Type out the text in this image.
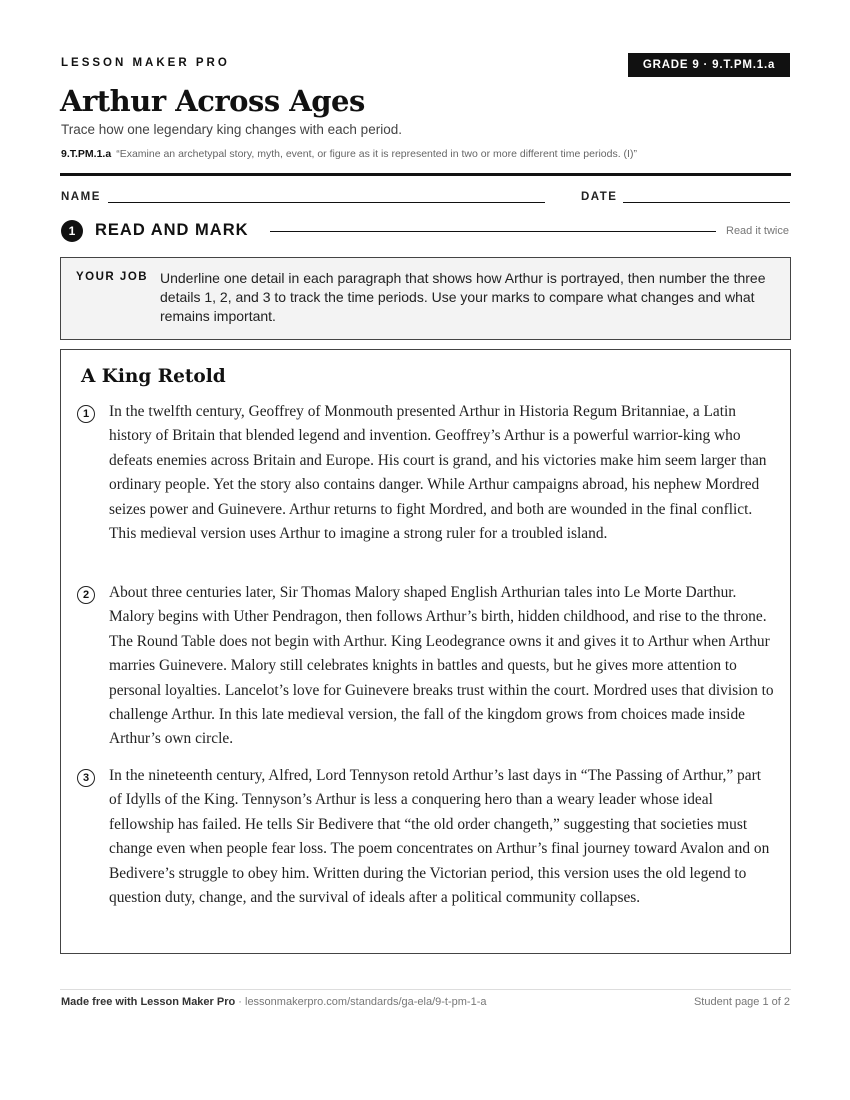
LESSON MAKER PRO	GRADE 9 · 9.T.PM.1.a
Arthur Across Ages
Trace how one legendary king changes with each period.
9.T.PM.1.a “Examine an archetypal story, myth, event, or figure as it is represented in two or more different time periods. (I)”
NAME	DATE
1	READ AND MARK	Read it twice
YOUR JOB Underline one detail in each paragraph that shows how Arthur is portrayed, then number the three details 1, 2, and 3 to track the time periods. Use your marks to compare what changes and what remains important.

A King Retold
1	In the twelfth century, Geoffrey of Monmouth presented Arthur in Historia Regum Britanniae, a Latin history of Britain that blended legend and invention. Geoffrey’s Arthur is a powerful warrior-king who defeats enemies across Britain and Europe. His court is grand, and his victories make him seem larger than ordinary people. Yet the story also contains danger. While Arthur campaigns abroad, his nephew Mordred seizes power and Guinevere. Arthur returns to fight Mordred, and both are wounded in the final conflict. This medieval version uses Arthur to imagine a strong ruler for a troubled island.

2	About three centuries later, Sir Thomas Malory shaped English Arthurian tales into Le Morte Darthur. Malory begins with Uther Pendragon, then follows Arthur’s birth, hidden childhood, and rise to the throne. The Round Table does not begin with Arthur. King Leodegrance owns it and gives it to Arthur when Arthur marries Guinevere. Malory still celebrates knights in battles and quests, but he gives more attention to personal loyalties. Lancelot’s love for Guinevere breaks trust within the court. Mordred uses that division to challenge Arthur. In this late medieval version, the fall of the kingdom grows from choices made inside Arthur’s own circle.

3	In the nineteenth century, Alfred, Lord Tennyson retold Arthur’s last days in “The Passing of Arthur,” part of Idylls of the King. Tennyson’s Arthur is less a conquering hero than a weary leader whose ideal fellowship has failed. He tells Sir Bedivere that “the old order changeth,” suggesting that societies must change even when people fear loss. The poem concentrates on Arthur’s final journey toward Avalon and on Bedivere’s struggle to obey him. Written during the Victorian period, this version uses the old legend to question duty, change, and the survival of ideals after a political community collapses.

Made free with Lesson Maker Pro · lessonmakerpro.com/standards/ga-ela/9-t-pm-1-a	Student page 1 of 2
